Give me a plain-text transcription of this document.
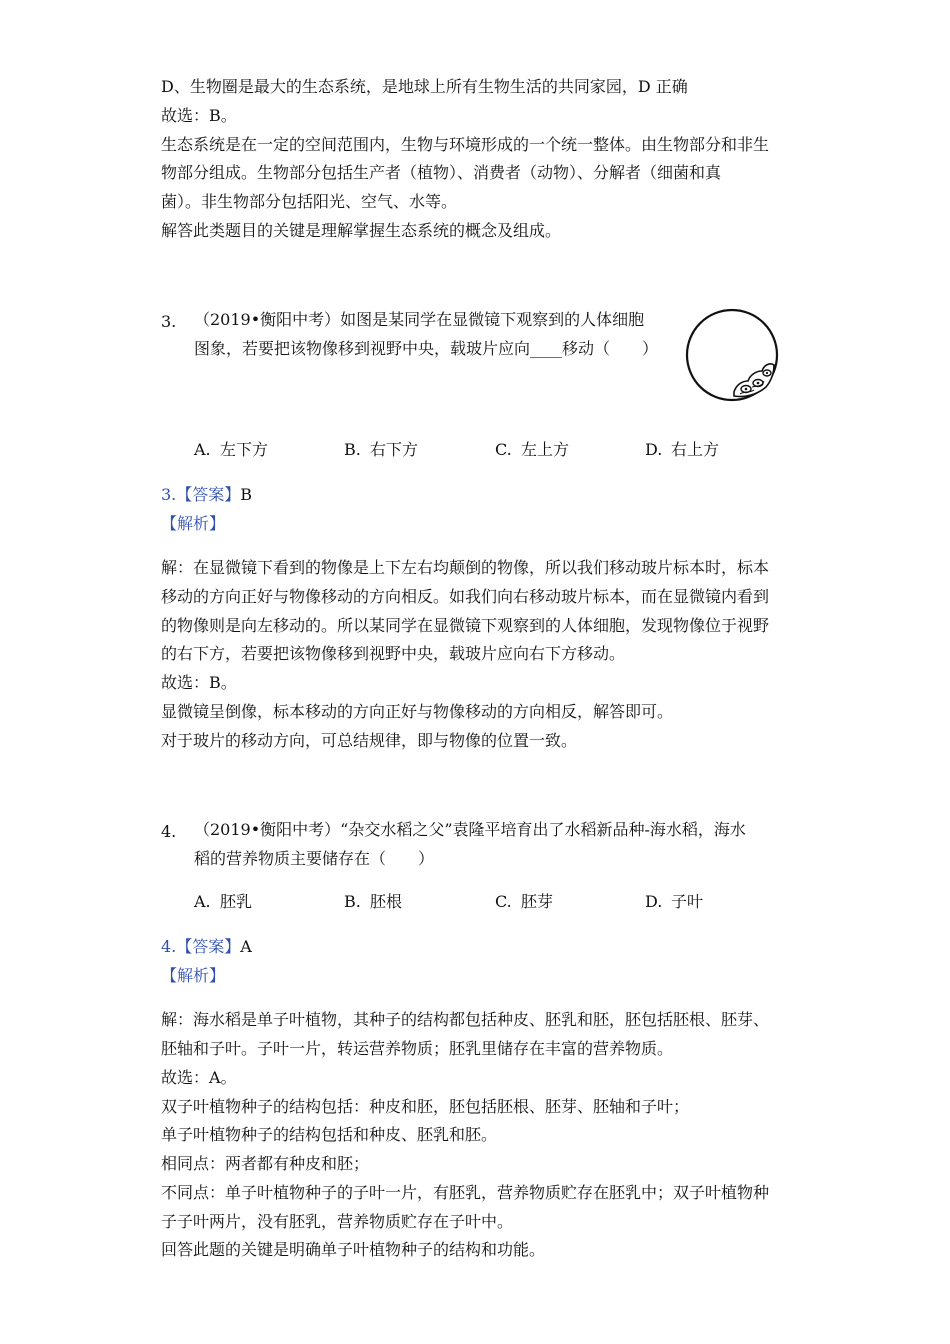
D、生物圈是最大的生态系统，是地球上所有生物生活的共同家园，D 正确
故选：B。
生态系统是在一定的空间范围内，生物与环境形成的一个统一整体。由生物部分和非生
物部分组成。生物部分包括生产者（植物）、消费者（动物）、分解者（细菌和真
菌）。非生物部分包括阳光、空气、水等。
解答此类题目的关键是理解掌握生态系统的概念及组成。
3. （2019•衡阳中考）如图是某同学在显微镜下观察到的人体细胞
图象，若要把该物像移到视野中央，载玻片应向____移动（　　）
A. 左下方	B. 右下方	C. 左上方	D. 右上方
3.【答案】B
【解析】
解：在显微镜下看到的物像是上下左右均颠倒的物像，所以我们移动玻片标本时，标本
移动的方向正好与物像移动的方向相反。如我们向右移动玻片标本，而在显微镜内看到
的物像则是向左移动的。所以某同学在显微镜下观察到的人体细胞，发现物像位于视野
的右下方，若要把该物像移到视野中央，载玻片应向右下方移动。
故选：B。
显微镜呈倒像，标本移动的方向正好与物像移动的方向相反，解答即可。
对于玻片的移动方向，可总结规律，即与物像的位置一致。
4. （2019•衡阳中考）“杂交水稻之父”袁隆平培育出了水稻新品种-海水稻，海水
稻的营养物质主要储存在（　　）
A. 胚乳	B. 胚根	C. 胚芽	D. 子叶
4.【答案】A
【解析】
解：海水稻是单子叶植物，其种子的结构都包括种皮、胚乳和胚，胚包括胚根、胚芽、
胚轴和子叶。子叶一片，转运营养物质；胚乳里储存在丰富的营养物质。
故选：A。
双子叶植物种子的结构包括：种皮和胚，胚包括胚根、胚芽、胚轴和子叶；
单子叶植物种子的结构包括和种皮、胚乳和胚。
相同点：两者都有种皮和胚；
不同点：单子叶植物种子的子叶一片，有胚乳，营养物质贮存在胚乳中；双子叶植物种
子子叶两片，没有胚乳，营养物质贮存在子叶中。
回答此题的关键是明确单子叶植物种子的结构和功能。
